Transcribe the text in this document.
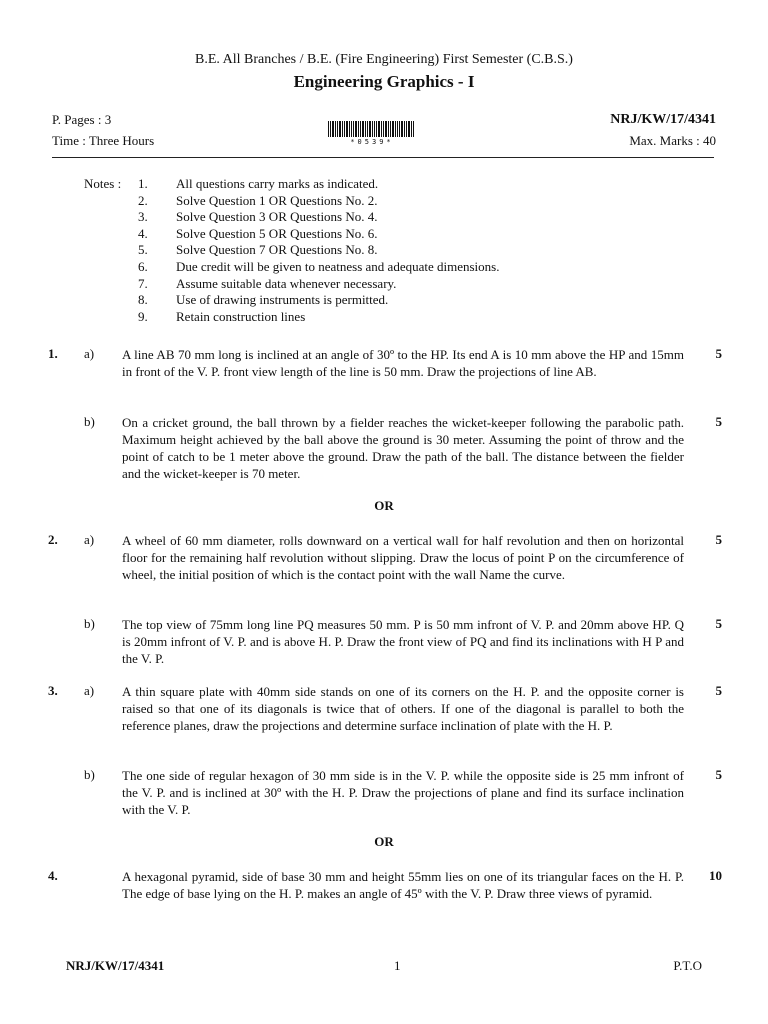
B.E. All Branches / B.E. (Fire Engineering) First Semester (C.B.S.)
Engineering Graphics - I
P. Pages : 3	NRJ/KW/17/4341
Time : Three Hours	Max. Marks : 40
*0539*
Notes : 1. All questions carry marks as indicated.
2. Solve Question 1 OR Questions No. 2.
3. Solve Question 3 OR Questions No. 4.
4. Solve Question 5 OR Questions No. 6.
5. Solve Question 7 OR Questions No. 8.
6. Due credit will be given to neatness and adequate dimensions.
7. Assume suitable data whenever necessary.
8. Use of drawing instruments is permitted.
9. Retain construction lines
1. a) A line AB 70 mm long is inclined at an angle of 30º to the HP. Its end A is 10 mm above the HP and 15mm in front of the V. P. front view length of the line is 50 mm. Draw the projections of line AB.
5
b) On a cricket ground, the ball thrown by a fielder reaches the wicket-keeper following the parabolic path. Maximum height achieved by the ball above the ground is 30 meter. Assuming the point of throw and the point of catch to be 1 meter above the ground. Draw the path of the ball. The distance between the fielder and the wicket-keeper is 70 meter.
5
OR
2. a) A wheel of 60 mm diameter, rolls downward on a vertical wall for half revolution and then on horizontal floor for the remaining half revolution without slipping. Draw the locus of point P on the circumference of wheel, the initial position of which is the contact point with the wall Name the curve.
5
b) The top view of 75mm long line PQ measures 50 mm. P is 50 mm infront of V. P. and 20mm above HP. Q is 20mm infront of V. P. and is above H. P. Draw the front view of PQ and find its inclinations with H P and the V. P.
5
3. a) A thin square plate with 40mm side stands on one of its corners on the H. P. and the opposite corner is raised so that one of its diagonals is twice that of others. If one of the diagonal is parallel to both the reference planes, draw the projections and determine surface inclination of plate with the H. P.
5
b) The one side of regular hexagon of 30 mm side is in the V. P. while the opposite side is 25 mm infront of the V. P. and is inclined at 30º with the H. P. Draw the projections of plane and find its surface inclination with the V. P.
5
OR
4.	A hexagonal pyramid, side of base 30 mm and height 55mm lies on one of its triangular faces on the H. P. The edge of base lying on the H. P. makes an angle of 45º with the V. P. Draw three views of pyramid.
10
NRJ/KW/17/4341	1	P.T.O
